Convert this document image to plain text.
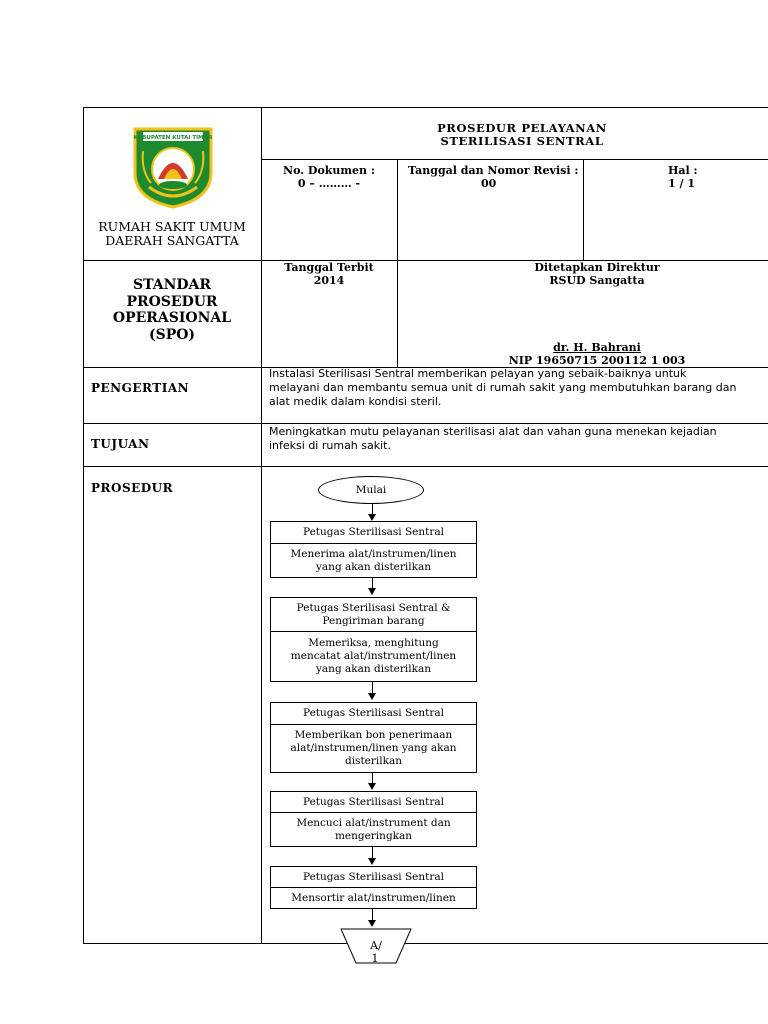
KABUPATEN KUTAI TIMUR
RUMAH SAKIT UMUM
DAERAH SANGATTA
PROSEDUR PELAYANAN
STERILISASI SENTRAL
No. Dokumen :
0 – ……… -
Tanggal dan Nomor Revisi :
00
Hal :
1 / 1
STANDAR
PROSEDUR
OPERASIONAL
(SPO)
Tanggal Terbit
2014
Ditetapkan Direktur
RSUD Sangatta
dr. H. Bahrani
NIP 19650715 200112 1 003
PENGERTIAN
Instalasi Sterilisasi Sentral memberikan pelayan yang sebaik-baiknya untuk
melayani dan membantu semua unit di rumah sakit yang membutuhkan barang dan
alat medik dalam kondisi steril.
TUJUAN
Meningkatkan mutu pelayanan sterilisasi alat dan vahan guna menekan kejadian
infeksi di rumah sakit.
PROSEDUR	Mulai
Petugas Sterilisasi Sentral
Menerima alat/instrumen/linen
yang akan disterilkan
Petugas Sterilisasi Sentral &
Pengiriman barang
Memeriksa, menghitung
mencatat alat/instrument/linen
yang akan disterilkan
Petugas Sterilisasi Sentral
Memberikan bon penerimaan
alat/instrumen/linen yang akan
disterilkan
Petugas Sterilisasi Sentral
Mencuci alat/instrument dan
mengeringkan
Petugas Sterilisasi Sentral
Mensortir alat/instrumen/linen
A/
1
